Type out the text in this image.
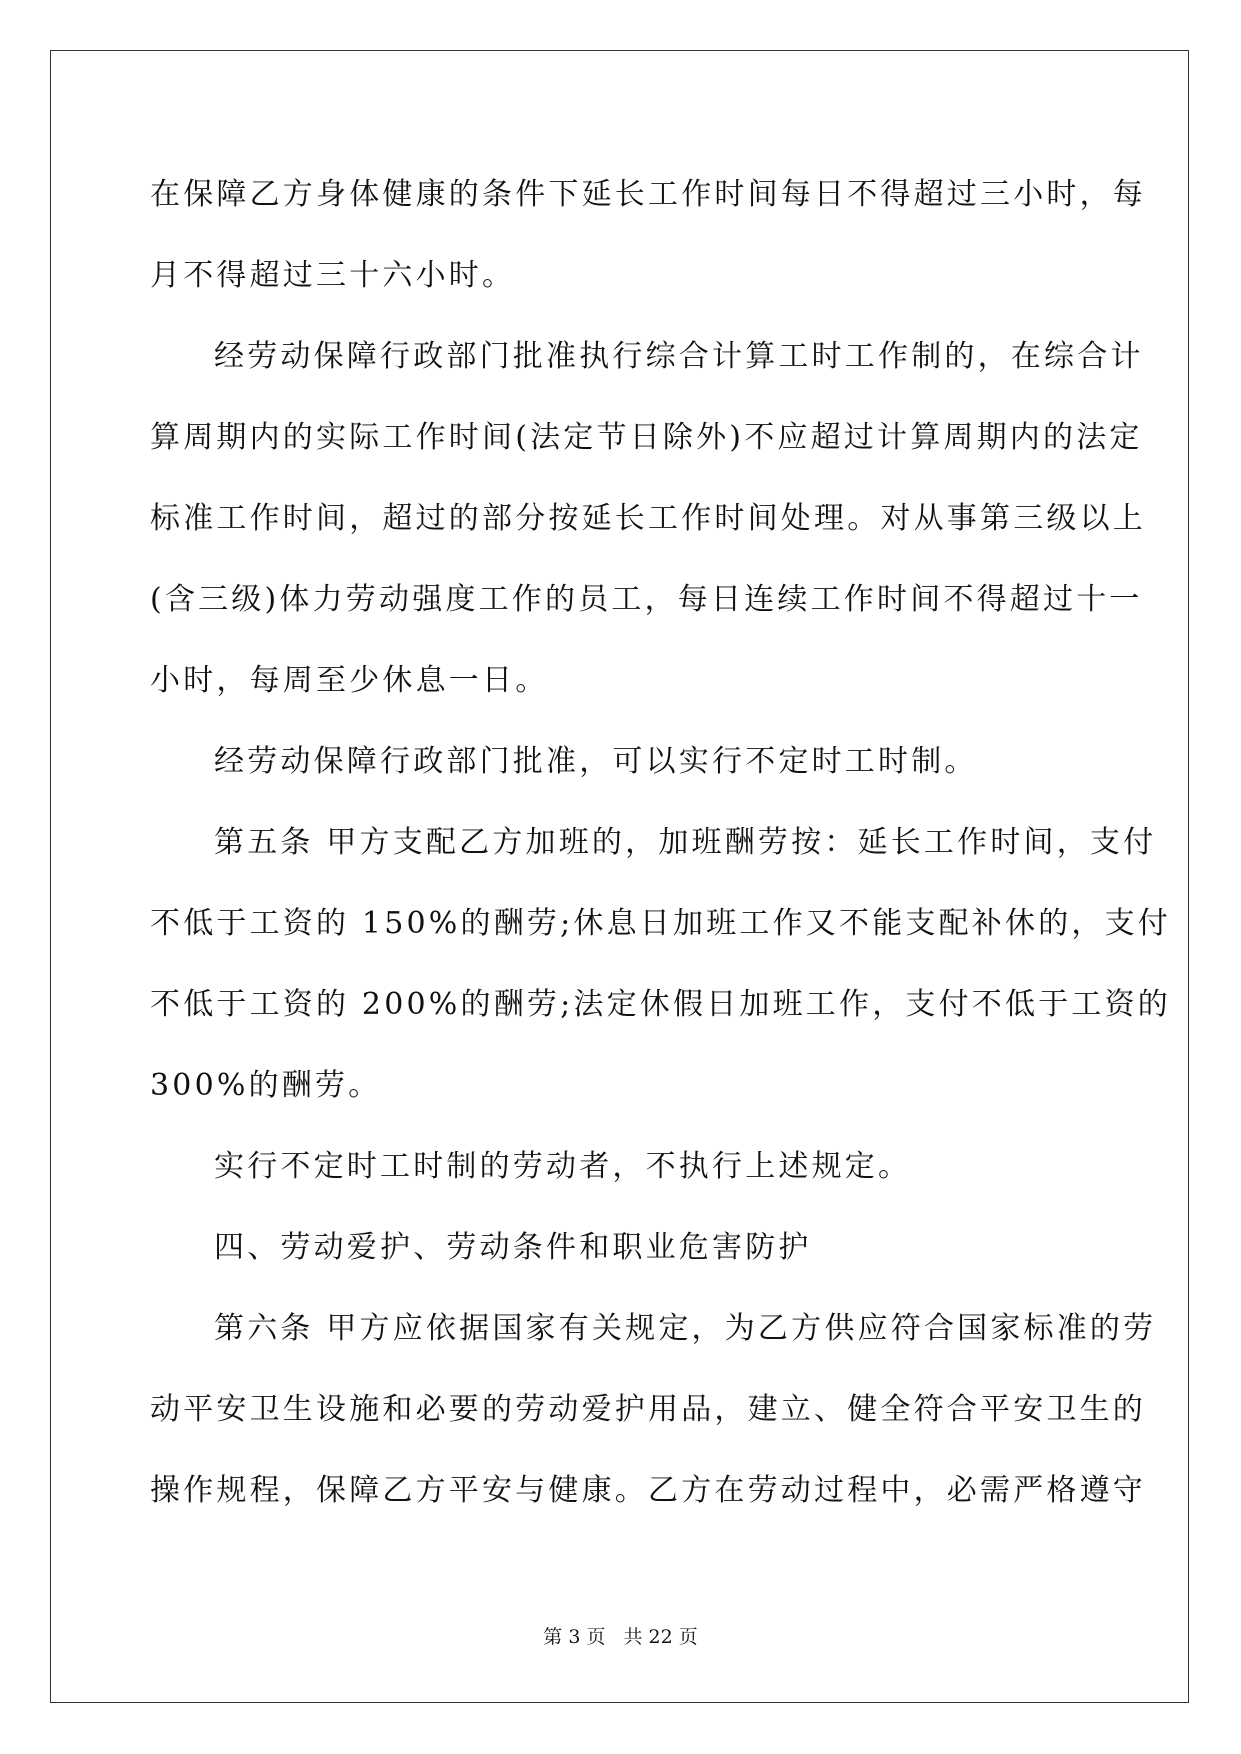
在保障乙方身体健康的条件下延长工作时间每日不得超过三小时，每
月不得超过三十六小时。
经劳动保障行政部门批准执行综合计算工时工作制的，在综合计
算周期内的实际工作时间(法定节日除外)不应超过计算周期内的法定
标准工作时间，超过的部分按延长工作时间处理。对从事第三级以上
(含三级)体力劳动强度工作的员工，每日连续工作时间不得超过十一
小时，每周至少休息一日。
经劳动保障行政部门批准，可以实行不定时工时制。
第五条 甲方支配乙方加班的，加班酬劳按：延长工作时间，支付
不低于工资的 150%的酬劳;休息日加班工作又不能支配补休的，支付
不低于工资的 200%的酬劳;法定休假日加班工作，支付不低于工资的
300%的酬劳。
实行不定时工时制的劳动者，不执行上述规定。
四、劳动爱护、劳动条件和职业危害防护
第六条 甲方应依据国家有关规定，为乙方供应符合国家标准的劳
动平安卫生设施和必要的劳动爱护用品，建立、健全符合平安卫生的
操作规程，保障乙方平安与健康。乙方在劳动过程中，必需严格遵守
第 3 页 共 22 页
